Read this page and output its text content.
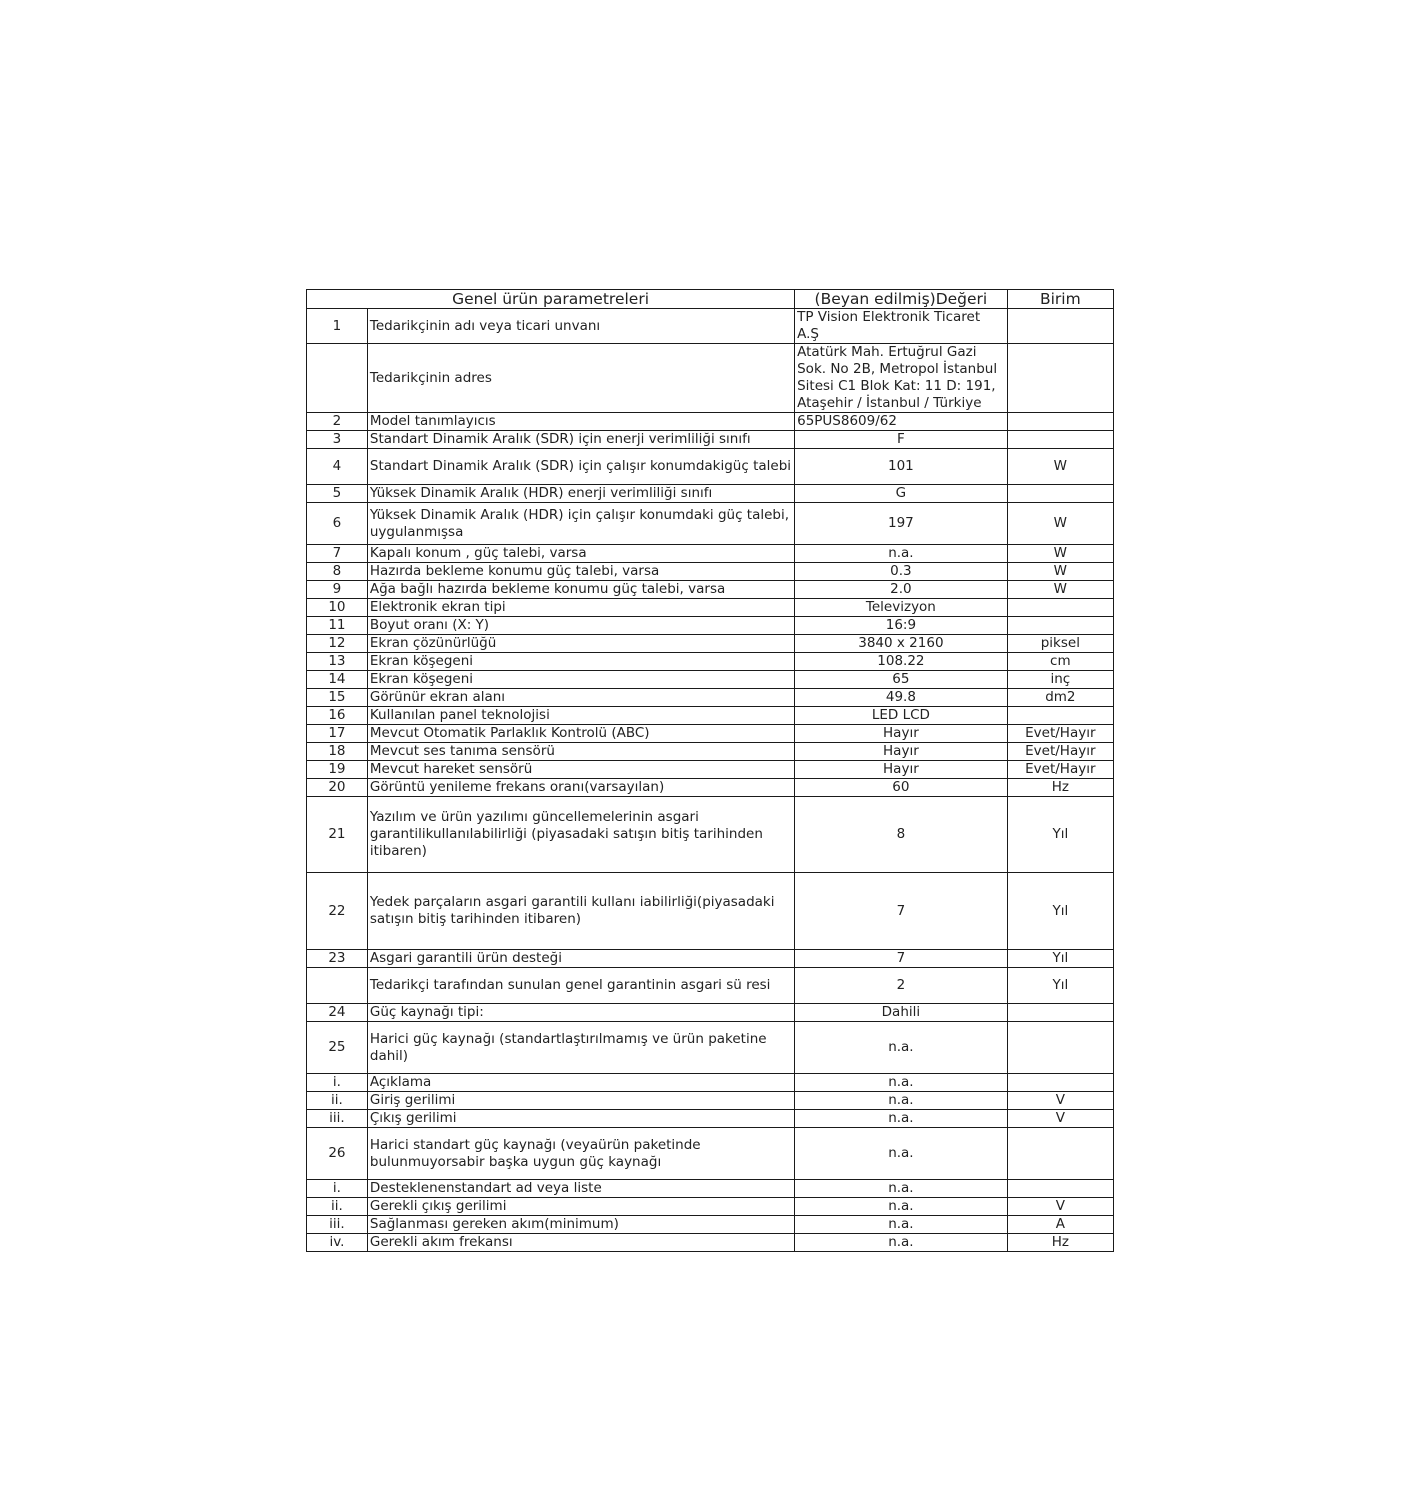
Genel ürün parametreleri		(Beyan edilmiş)Değeri	Birim
1	Tedarikçinin adı veya ticari unvanı	TP Vision Elektronik Ticaret A.Ş	
	Tedarikçinin adres	Atatürk Mah. Ertuğrul Gazi Sok. No 2B, Metropol İstanbul Sitesi C1 Blok Kat: 11 D: 191, Ataşehir / İstanbul / Türkiye	
2	Model tanımlayıcıs	65PUS8609/62	
3	Standart Dinamik Aralık (SDR) için enerji verimliliği sınıfı	F	
4	Standart Dinamik Aralık (SDR) için çalışır konumdakigüç talebi	101	W
5	Yüksek Dinamik Aralık (HDR) enerji verimliliği sınıfı	G	
6	Yüksek Dinamik Aralık (HDR) için çalışır konumdaki güç talebi, uygulanmışsa	197	W
7	Kapalı konum , güç talebi, varsa	n.a.	W
8	Hazırda bekleme konumu güç talebi, varsa	0.3	W
9	Ağa bağlı hazırda bekleme konumu güç talebi, varsa	2.0	W
10	Elektronik ekran tipi	Televizyon	
11	Boyut oranı (X: Y)	16:9	
12	Ekran çözünürlüğü	3840 x 2160	piksel
13	Ekran köşegeni	108.22	cm
14	Ekran köşegeni	65	inç
15	Görünür ekran alanı	49.8	dm2
16	Kullanılan panel teknolojisi	LED LCD	
17	Mevcut Otomatik Parlaklık Kontrolü (ABC)	Hayır	Evet/Hayır
18	Mevcut ses tanıma sensörü	Hayır	Evet/Hayır
19	Mevcut hareket sensörü	Hayır	Evet/Hayır
20	Görüntü yenileme frekans oranı(varsayılan)	60	Hz
21	Yazılım ve ürün yazılımı güncellemelerinin asgari garantilikullanılabilirliği (piyasadaki satışın bitiş tarihinden itibaren)	8	Yıl
22	Yedek parçaların asgari garantili kullanı iabilirliği(piyasadaki satışın bitiş tarihinden itibaren)	7	Yıl
23	Asgari garantili ürün desteği	7	Yıl
	Tedarikçi tarafından sunulan genel garantinin asgari sü resi	2	Yıl
24	Güç kaynağı tipi:	Dahili	
25	Harici güç kaynağı (standartlaştırılmamış ve ürün paketine dahil)	n.a.	
i.	Açıklama	n.a.	
ii.	Giriş gerilimi	n.a.	V
iii.	Çıkış gerilimi	n.a.	V
26	Harici standart güç kaynağı (veyaürün paketinde bulunmuyorsabir başka uygun güç kaynağı	n.a.	
i.	Desteklenenstandart ad veya liste	n.a.	
ii.	Gerekli çıkış gerilimi	n.a.	V
iii.	Sağlanması gereken akım(minimum)	n.a.	A
iv.	Gerekli akım frekansı	n.a.	Hz
